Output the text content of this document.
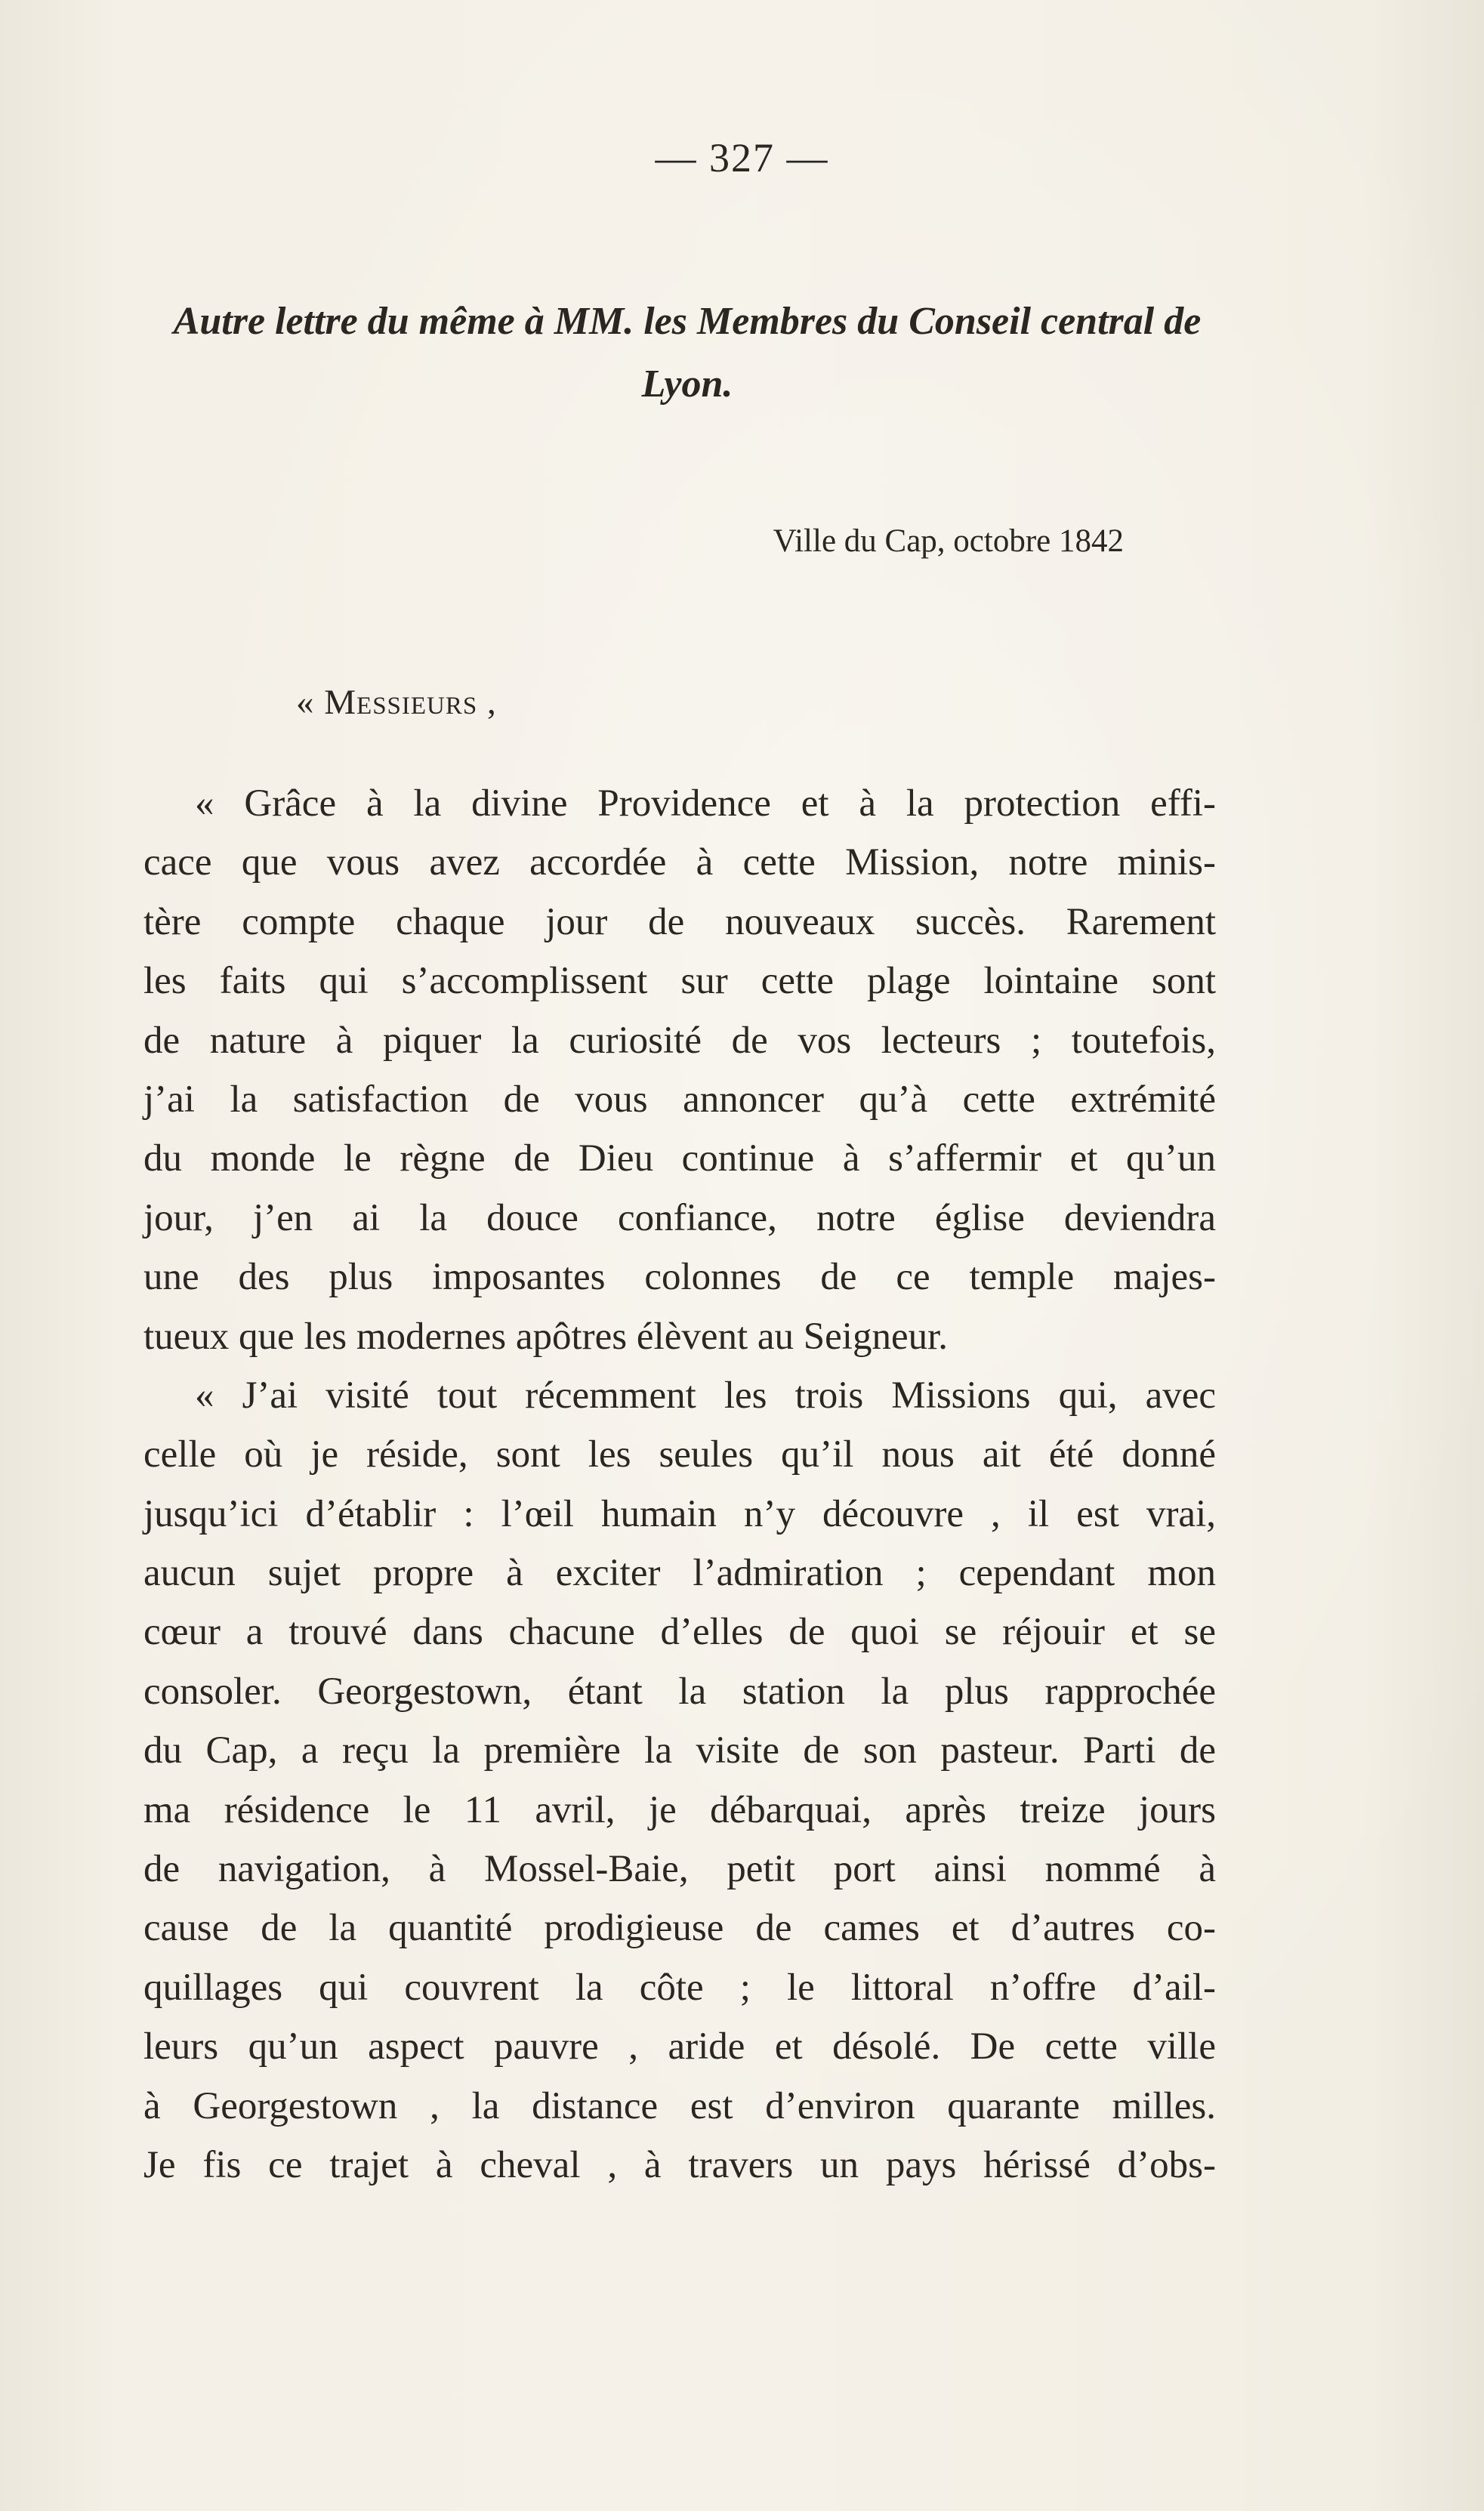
— 327 —
Autre lettre du même à MM. les Membres du Conseil central de Lyon.
Ville du Cap, octobre 1842
« Messieurs ,
« Grâce à la divine Providence et à la protection effi-
cace que vous avez accordée à cette Mission, notre minis-
tère compte chaque jour de nouveaux succès. Rarement
les faits qui s’accomplissent sur cette plage lointaine sont
de nature à piquer la curiosité de vos lecteurs ; toutefois,
j’ai la satisfaction de vous annoncer qu’à cette extrémité
du monde le règne de Dieu continue à s’affermir et qu’un
jour, j’en ai la douce confiance, notre église deviendra
une des plus imposantes colonnes de ce temple majes-
tueux que les modernes apôtres élèvent au Seigneur.
« J’ai visité tout récemment les trois Missions qui, avec
celle où je réside, sont les seules qu’il nous ait été donné
jusqu’ici d’établir : l’œil humain n’y découvre , il est vrai,
aucun sujet propre à exciter l’admiration ; cependant mon
cœur a trouvé dans chacune d’elles de quoi se réjouir et se
consoler. Georgestown, étant la station la plus rapprochée
du Cap, a reçu la première la visite de son pasteur. Parti de
ma résidence le 11 avril, je débarquai, après treize jours
de navigation, à Mossel-Baie, petit port ainsi nommé à
cause de la quantité prodigieuse de cames et d’autres co-
quillages qui couvrent la côte ; le littoral n’offre d’ail-
leurs qu’un aspect pauvre , aride et désolé. De cette ville
à Georgestown , la distance est d’environ quarante milles.
Je fis ce trajet à cheval , à travers un pays hérissé d’obs-
